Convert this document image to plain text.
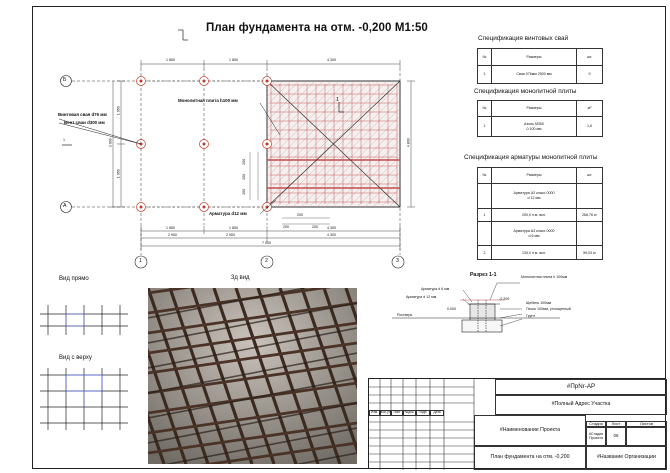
План фундамента на отм. -0,200 М1:50
Б
А
1	2	3
1 850	1 850	4 300
1 850	1 850	4 300
2 900	2 900	4 300
7 000
1 950
1 950
3 900	4 800
Винтовая свая d76 мм
Вент сваи d300 мм
Монолитная плита h100 мм
Арматура d12 мм
1
1
200
200
200
200
200
200
Спецификация винтовых свай
№	Размеры	шт.
1	Свая 076мм 2500 мм	9
Спецификация монолитной плиты
№	Размеры	м³
1	Азоль М350
0.100 мм	1,6
Спецификация арматуры монолитной плиты
№	Размеры	шт.
	Арматура А3 класс 0000
d 12 мм	
1	200,0 п.м. вкл.	266,76 кг
	Арматура А3 класс 0000
d 6 мм	
2	135,0 п.м. вкл.	59,03 кг
Разрез 1-1	Монолитная плита h 100мм
Арматура d 6 мм
Арматура d 12 мм	-0.200
Ростверк
Щебень 100мм
Песок 100мм, утолщенный
Грунт
0.000
Вид прямо
Вид с верху
3д вид
#ПрNr-АР
#Полный Адрес Участка
Изм. Кол.уч Лист	№док.	Подп.	Дата
#Наименование Проекта
Стадия	Лист	Листов
#Стадия Проекта	06
План фундамента на отм. -0,200	#Название Организации
